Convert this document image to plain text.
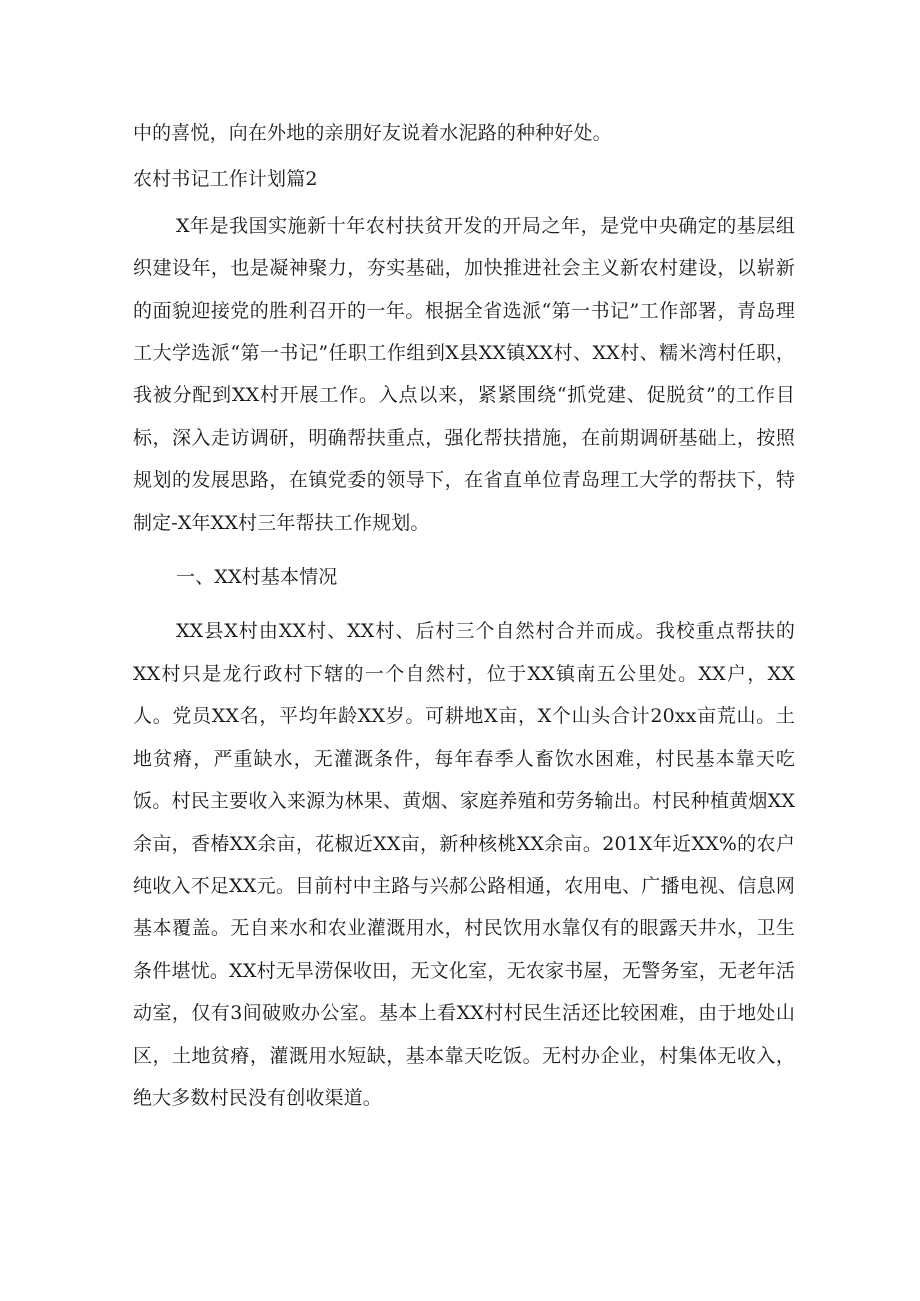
中的喜悦，向在外地的亲朋好友说着水泥路的种种好处。

农村书记工作计划篇2

X年是我国实施新十年农村扶贫开发的开局之年，是党中央确定的基层组织建设年，也是凝神聚力，夯实基础，加快推进社会主义新农村建设，以崭新的面貌迎接党的胜利召开的一年。根据全省选派“第一书记”工作部署，青岛理工大学选派“第一书记”任职工作组到X县XX镇XX村、XX村、糯米湾村任职，我被分配到XX村开展工作。入点以来，紧紧围绕“抓党建、促脱贫”的工作目标，深入走访调研，明确帮扶重点，强化帮扶措施，在前期调研基础上，按照规划的发展思路，在镇党委的领导下，在省直单位青岛理工大学的帮扶下，特制定-X年XX村三年帮扶工作规划。

一、XX村基本情况

XX县X村由XX村、XX村、后村三个自然村合并而成。我校重点帮扶的XX村只是龙行政村下辖的一个自然村，位于XX镇南五公里处。XX户，XX人。党员XX名，平均年龄XX岁。可耕地X亩，X个山头合计20xx亩荒山。土地贫瘠，严重缺水，无灌溉条件，每年春季人畜饮水困难，村民基本靠天吃饭。村民主要收入来源为林果、黄烟、家庭养殖和劳务输出。村民种植黄烟XX余亩，香椿XX余亩，花椒近XX亩，新种核桃XX余亩。201X年近XX%的农户纯收入不足XX元。目前村中主路与兴郝公路相通，农用电、广播电视、信息网基本覆盖。无自来水和农业灌溉用水，村民饮用水靠仅有的眼露天井水，卫生条件堪忧。XX村无旱涝保收田，无文化室，无农家书屋，无警务室，无老年活动室，仅有3间破败办公室。基本上看XX村村民生活还比较困难，由于地处山区，土地贫瘠，灌溉用水短缺，基本靠天吃饭。无村办企业，村集体无收入，绝大多数村民没有创收渠道。
